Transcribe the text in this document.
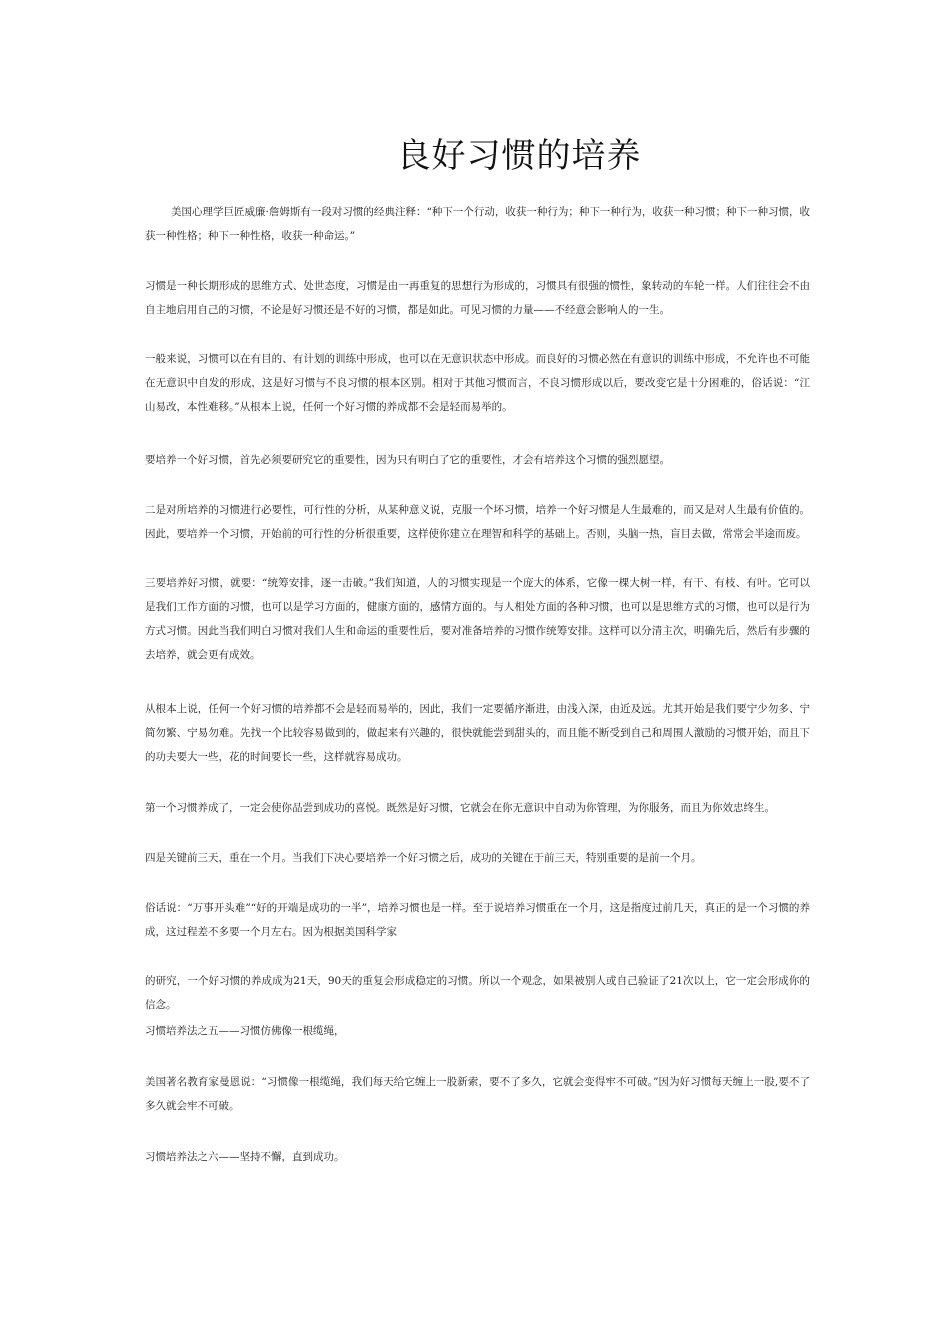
良好习惯的培养

美国心理学巨匠威廉·詹姆斯有一段对习惯的经典注释：“种下一个行动，收获一种行为；种下一种行为，收获一种习惯；种下一种习惯，收获一种性格；种下一种性格，收获一种命运。”

习惯是一种长期形成的思维方式、处世态度，习惯是由一再重复的思想行为形成的，习惯具有很强的惯性，象转动的车轮一样。人们往往会不由自主地启用自己的习惯，不论是好习惯还是不好的习惯，都是如此。可见习惯的力量——不经意会影响人的一生。

一般来说，习惯可以在有目的、有计划的训练中形成，也可以在无意识状态中形成。而良好的习惯必然在有意识的训练中形成，不允许也不可能在无意识中自发的形成，这是好习惯与不良习惯的根本区别。相对于其他习惯而言，不良习惯形成以后，要改变它是十分困难的，俗话说：“江山易改，本性难移。”从根本上说，任何一个好习惯的养成都不会是轻而易举的。

要培养一个好习惯，首先必须要研究它的重要性，因为只有明白了它的重要性，才会有培养这个习惯的强烈愿望。

二是对所培养的习惯进行必要性，可行性的分析，从某种意义说，克服一个坏习惯，培养一个好习惯是人生最难的，而又是对人生最有价值的。因此，要培养一个习惯，开始前的可行性的分析很重要，这样使你建立在理智和科学的基础上。否则，头脑一热，盲目去做，常常会半途而废。

三要培养好习惯，就要：“统筹安排，逐一击破。”我们知道，人的习惯实现是一个庞大的体系，它像一棵大树一样，有干、有枝、有叶。它可以是我们工作方面的习惯，也可以是学习方面的，健康方面的，感情方面的。与人相处方面的各种习惯，也可以是思维方式的习惯，也可以是行为方式习惯。因此当我们明白习惯对我们人生和命运的重要性后，要对准备培养的习惯作统筹安排。这样可以分清主次，明确先后，然后有步骤的去培养，就会更有成效。

从根本上说，任何一个好习惯的培养都不会是轻而易举的，因此，我们一定要循序渐进，由浅入深，由近及远。尤其开始是我们要宁少勿多、宁简勿繁、宁易勿难。先找一个比较容易做到的，做起来有兴趣的，很快就能尝到甜头的，而且能不断受到自己和周围人激励的习惯开始，而且下的功夫要大一些，花的时间要长一些，这样就容易成功。

第一个习惯养成了，一定会使你品尝到成功的喜悦。既然是好习惯，它就会在你无意识中自动为你管理，为你服务，而且为你效忠终生。

四是关键前三天，重在一个月。当我们下决心要培养一个好习惯之后，成功的关键在于前三天，特别重要的是前一个月。

俗话说：“万事开头难”“好的开端是成功的一半”，培养习惯也是一样。至于说培养习惯重在一个月，这是指度过前几天，真正的是一个习惯的养成，这过程差不多要一个月左右。因为根据美国科学家

的研究，一个好习惯的养成成为21天，90天的重复会形成稳定的习惯。所以一个观念，如果被别人或自己验证了21次以上，它一定会形成你的信念。

习惯培养法之五——习惯仿佛像一根缆绳，

美国著名教育家曼恩说：“习惯像一根缆绳，我们每天给它缠上一股新索，要不了多久，它就会变得牢不可破。”因为好习惯每天缠上一股,要不了多久就会牢不可破。

习惯培养法之六——坚持不懈，直到成功。
